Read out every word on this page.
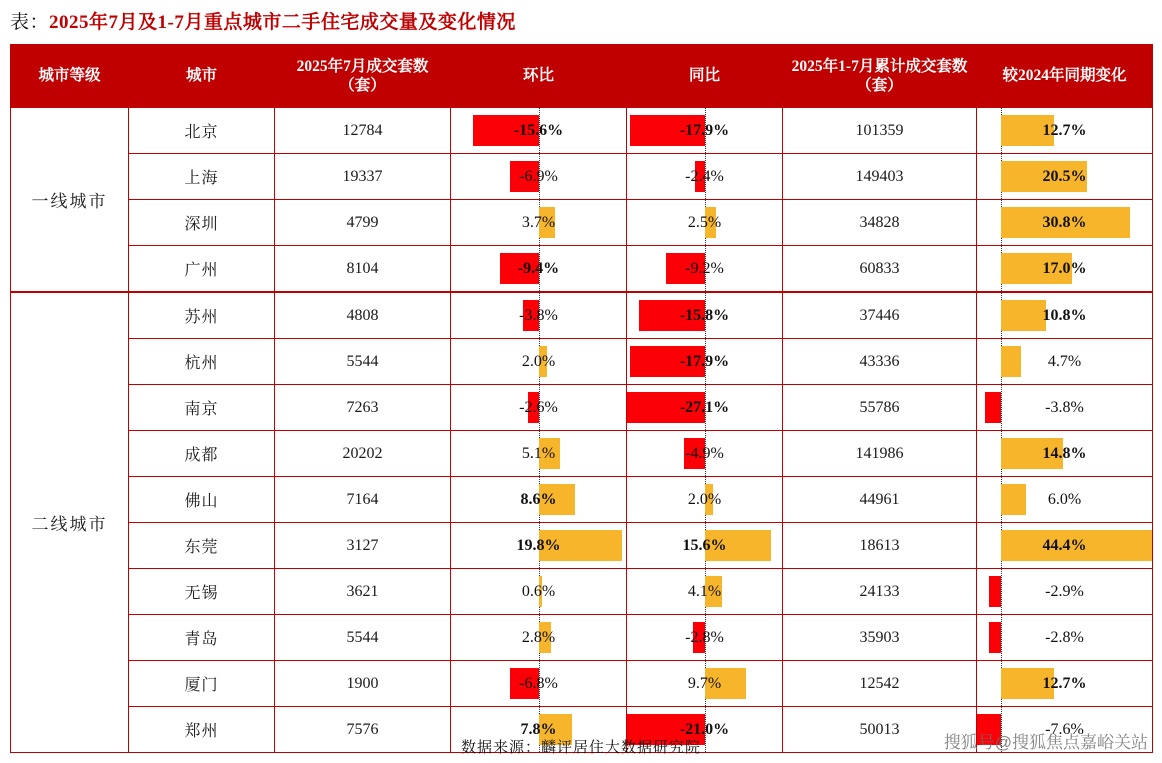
表： 2025年7月及1-7月重点城市二手住宅成交量及变化情况
城市等级	城市	2025年7月成交套数（套）	环比	同比	2025年1-7月累计成交套数（套）	较2024年同期变化
一线城市	北京	12784	-15.6%	-17.9%	101359	12.7%

	上海	19337	-6.9%	-2.4%	149403	20.5%

	深圳	4799	3.7%	2.5%	34828	30.8%

	广州	8104	-9.4%	-9.2%	60833	17.0%

二线城市	苏州	4808	-3.8%	-15.8%	37446	10.8%

	杭州	5544	2.0%	-17.9%	43336	4.7%

	南京	7263	-2.6%	-27.1%	55786	-3.8%

	成都	20202	5.1%	-4.9%	141986	14.8%

	佛山	7164	8.6%	2.0%	44961	6.0%

	东莞	3127	19.8%	15.6%	18613	44.4%

	无锡	3621	0.6%	4.1%	24133	-2.9%

	青岛	5544	2.8%	-2.8%	35903	-2.8%

	厦门	1900	-6.8%	9.7%	12542	12.7%

	郑州	7576	7.8%	-21.0%	50013	-7.6%
数据来源：麟评居住大数据研究院	搜狐号@搜狐焦点嘉峪关站
